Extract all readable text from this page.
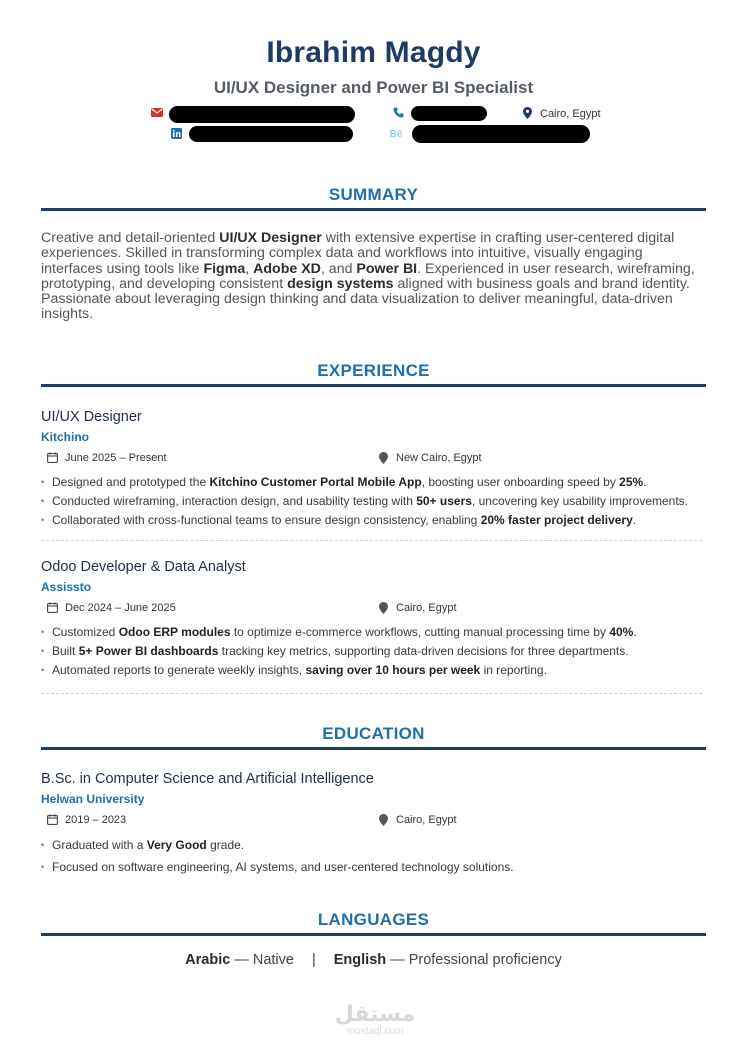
Ibrahim Magdy
UI/UX Designer and Power BI Specialist
Cairo, Egypt
Bē
SUMMARY

Creative and detail-oriented UI/UX Designer with extensive expertise in crafting user-centered digital experiences. Skilled in transforming complex data and workflows into intuitive, visually engaging interfaces using tools like Figma, Adobe XD, and Power BI. Experienced in user research, wireframing, prototyping, and developing consistent design systems aligned with business goals and brand identity. Passionate about leveraging design thinking and data visualization to deliver meaningful, data-driven insights.

EXPERIENCE
UI/UX Designer
Kitchino
June 2025 – Present	New Cairo, Egypt
• Designed and prototyped the Kitchino Customer Portal Mobile App, boosting user onboarding speed by 25%.
• Conducted wireframing, interaction design, and usability testing with 50+ users, uncovering key usability improvements.
• Collaborated with cross-functional teams to ensure design consistency, enabling 20% faster project delivery.
Odoo Developer & Data Analyst
Assissto
Dec 2024 – June 2025	Cairo, Egypt
• Customized Odoo ERP modules to optimize e-commerce workflows, cutting manual processing time by 40%.
• Built 5+ Power BI dashboards tracking key metrics, supporting data-driven decisions for three departments.
• Automated reports to generate weekly insights, saving over 10 hours per week in reporting.
EDUCATION
B.Sc. in Computer Science and Artificial Intelligence
Helwan University
2019 – 2023	Cairo, Egypt
• Graduated with a Very Good grade.
• Focused on software engineering, AI systems, and user-centered technology solutions.
LANGUAGES
Arabic — Native | English — Professional proficiency
مستقل
mostaql.com
